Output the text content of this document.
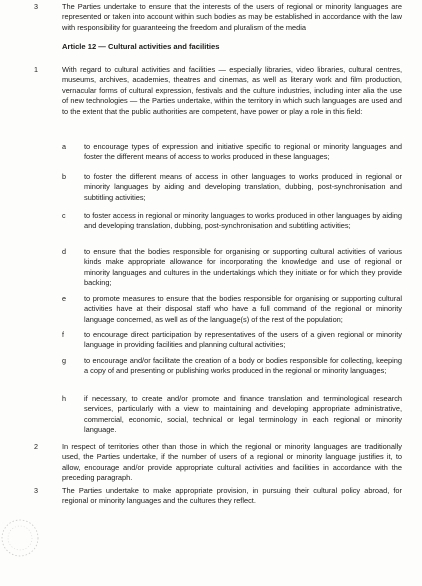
3	The Parties undertake to ensure that the interests of the users of regional or minority languages are represented or taken into account within such bodies as may be established in accordance with the law with responsibility for guaranteeing the freedom and pluralism of the media
Article 12 — Cultural activities and facilities
1	With regard to cultural activities and facilities — especially libraries, video libraries, cultural centres, museums, archives, academies, theatres and cinemas, as well as literary work and film production, vernacular forms of cultural expression, festivals and the culture industries, including inter alia the use of new technologies — the Parties undertake, within the territory in which such languages are used and to the extent that the public authorities are competent, have power or play a role in this field:
a to encourage types of expression and initiative specific to regional or minority languages and foster the different means of access to works produced in these languages;
b to foster the different means of access in other languages to works produced in regional or minority languages by aiding and developing translation, dubbing, post-synchronisation and subtitling activities;
c to foster access in regional or minority languages to works produced in other languages by aiding and developing translation, dubbing, post-synchronisation and subtitling activities;
d to ensure that the bodies responsible for organising or supporting cultural activities of various kinds make appropriate allowance for incorporating the knowledge and use of regional or minority languages and cultures in the undertakings which they initiate or for which they provide backing;
e to promote measures to ensure that the bodies responsible for organising or supporting cultural activities have at their disposal staff who have a full command of the regional or minority language concerned, as well as of the language(s) of the rest of the population;
f	to encourage direct participation by representatives of the users of a given regional or minority language in providing facilities and planning cultural activities;
g to encourage and/or facilitate the creation of a body or bodies responsible for collecting, keeping a copy of and presenting or publishing works produced in the regional or minority languages;
h if necessary, to create and/or promote and finance translation and terminological research services, particularly with a view to maintaining and developing appropriate administrative, commercial, economic, social, technical or legal terminology in each regional or minority language.
2	In respect of territories other than those in which the regional or minority languages are traditionally used, the Parties undertake, if the number of users of a regional or minority language justifies it, to allow, encourage and/or provide appropriate cultural activities and facilities in accordance with the preceding paragraph.
3	The Parties undertake to make appropriate provision, in pursuing their cultural policy abroad, for regional or minority languages and the cultures they reflect.
